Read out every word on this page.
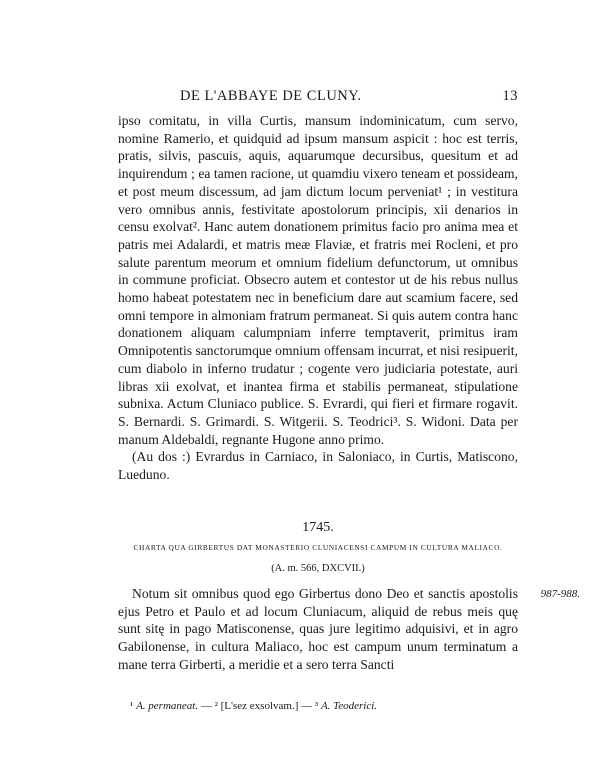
DE L'ABBAYE DE CLUNY.	13

ipso comitatu, in villa Curtis, mansum indominicatum, cum servo, nomine Ramerio, et quidquid ad ipsum mansum aspicit : hoc est terris, pratis, silvis, pascuis, aquis, aquarumque decursibus, quesitum et ad inquirendum ; ea tamen racione, ut quamdiu vixero teneam et possideam, et post meum discessum, ad jam dictum locum perveniat¹ ; in vestitura vero omnibus annis, festivitate apostolorum principis, xii denarios in censu exolvat². Hanc autem donationem primitus facio pro anima mea et patris mei Adalardi, et matris meæ Flaviæ, et fratris mei Rocleni, et pro salute parentum meorum et omnium fidelium defunctorum, ut omnibus in commune proficiat. Obsecro autem et contestor ut de his rebus nullus homo habeat potestatem nec in beneficium dare aut scamium facere, sed omni tempore in almoniam fratrum permaneat. Si quis autem contra hanc donationem aliquam calumpniam inferre temptaverit, primitus iram Omnipotentis sanctorumque omnium offensam incurrat, et nisi resipuerit, cum diabolo in inferno trudatur ; cogente vero judiciaria potestate, auri libras xii exolvat, et inantea firma et stabilis permaneat, stipulatione subnixa. Actum Cluniaco publice. S. Evrardi, qui fieri et firmare rogavit. S. Bernardi. S. Grimardi. S. Witgerii. S. Teodrici³. S. Widoni. Data per manum Aldebaldi, regnante Hugone anno primo.

(Au dos :) Evrardus in Carniaco, in Saloniaco, in Curtis, Matiscono, Lueduno.

1745.
CHARTA QUA GIRBERTUS DAT MONASTERIO CLUNIACENSI CAMPUM IN CULTURA MALIACO.
(A. m. 566, DXCVII.)
987-988.

Notum sit omnibus quod ego Girbertus dono Deo et sanctis apostolis ejus Petro et Paulo et ad locum Cluniacum, aliquid de rebus meis quę sunt sitę in pago Matisconense, quas jure legitimo adquisivi, et in agro Gabilonense, in cultura Maliaco, hoc est campum unum terminatum a mane terra Girberti, a meridie et a sero terra Sancti

¹ A. permaneat. — ² [L'sez exsolvam.] — ³ A. Teoderici.
